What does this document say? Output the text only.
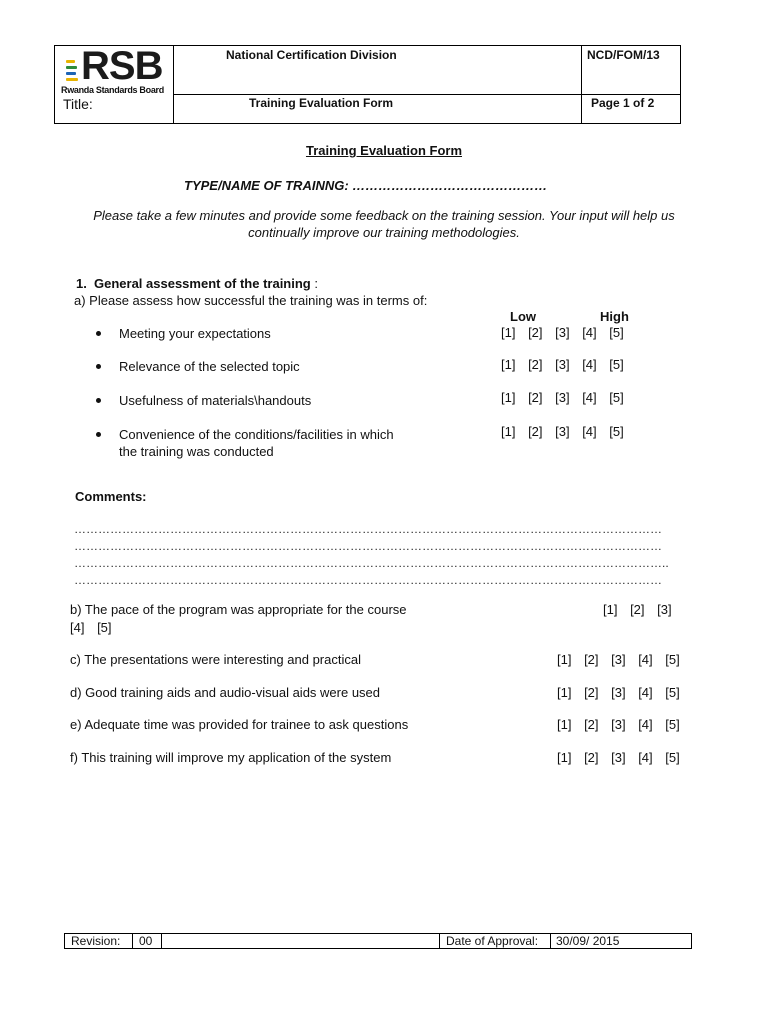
RSB
Rwanda Standards Board
Title:
National Certification Division	NCD/FOM/13
Training Evaluation Form	Page 1 of 2
Training Evaluation Form
TYPE/NAME OF TRAINNG: ………………………………………
Please take a few minutes and provide some feedback on the training session. Your input will help us
continually improve our training methodologies.
1. General assessment of the training :
a) Please assess how successful the training was in terms of:
Low	High
Meeting your expectations	[1] [2] [3] [4] [5]
Relevance of the selected topic	[1] [2] [3] [4] [5]
Usefulness of materials\handouts	[1] [2] [3] [4] [5]
Convenience of the conditions/facilities in which
the training was conducted
[1] [2] [3] [4] [5]
Comments:
…………………………………………………………………………………………………………………………………
…………………………………………………………………………………………………………………………………
…………………………………………………………………………………………………………………………………..
…………………………………………………………………………………………………………………………………
b) The pace of the program was appropriate for the course	[1] [2] [3]
[4] [5]
c) The presentations were interesting and practical	[1] [2] [3] [4] [5]
d) Good training aids and audio-visual aids were used	[1] [2] [3] [4] [5]
e) Adequate time was provided for trainee to ask questions	[1] [2] [3] [4] [5]
f) This training will improve my application of the system	[1] [2] [3] [4] [5]
Revision: 00	Date of Approval: 30/09/ 2015
